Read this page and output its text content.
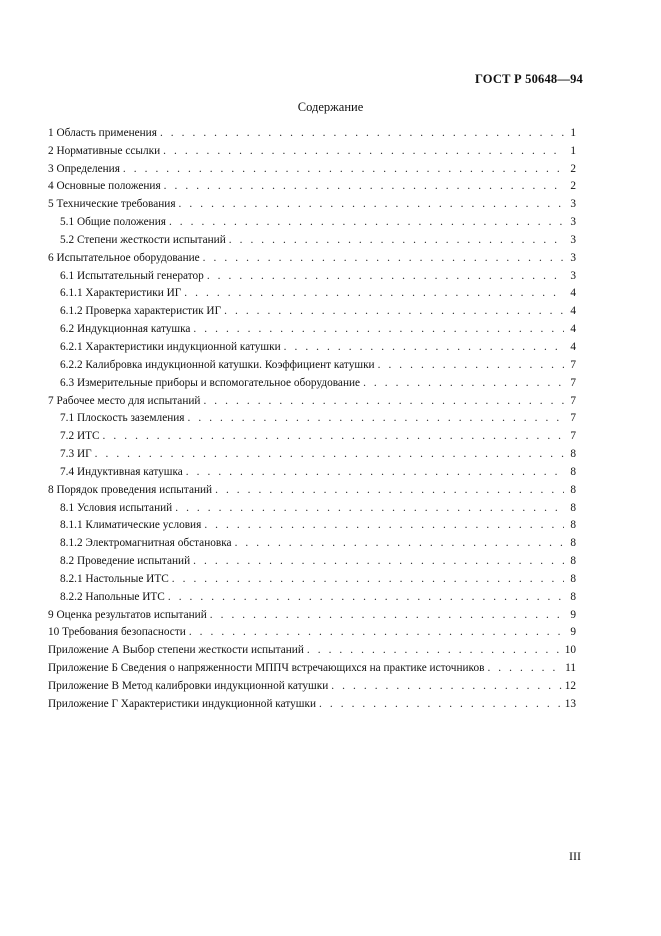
ГОСТ Р 50648—94
Содержание
1 Область применения . . .	1
2 Нормативные ссылки . . .	1
3 Определения . . .	2
4 Основные положения . . .	2
5 Технические требования . . .	3
5.1 Общие положения . . .	3
5.2 Степени жесткости испытаний . . .	3
6 Испытательное оборудование . . .	3
6.1 Испытательный генератор . . .	3
6.1.1 Характеристики ИГ . . .	4
6.1.2 Проверка характеристик ИГ . . .	4
6.2 Индукционная катушка . . .	4
6.2.1 Характеристики индукционной катушки . . .	4
6.2.2 Калибровка индукционной катушки. Коэффициент катушки . . .	7
6.3 Измерительные приборы и вспомогательное оборудование . . .	7
7 Рабочее место для испытаний . . .	7
7.1 Плоскость заземления . . .	7
7.2 ИТС . . .	7
7.3 ИГ . . .	8
7.4 Индуктивная катушка . . .	8
8 Порядок проведения испытаний . . .	8
8.1 Условия испытаний . . .	8
8.1.1 Климатические условия . . .	8
8.1.2 Электромагнитная обстановка . . .	8
8.2 Проведение испытаний . . .	8
8.2.1 Настольные ИТС . . .	8
8.2.2 Напольные ИТС . . .	8
9 Оценка результатов испытаний . . .	9
10 Требования безопасности . . .	9
Приложение А Выбор степени жесткости испытаний . . .	10
Приложение Б Сведения о напряженности МППЧ встречающихся на практике источников . . .	11
Приложение В Метод калибровки индукционной катушки . . .	12
Приложение Г Характеристики индукционной катушки . . .	13
III
